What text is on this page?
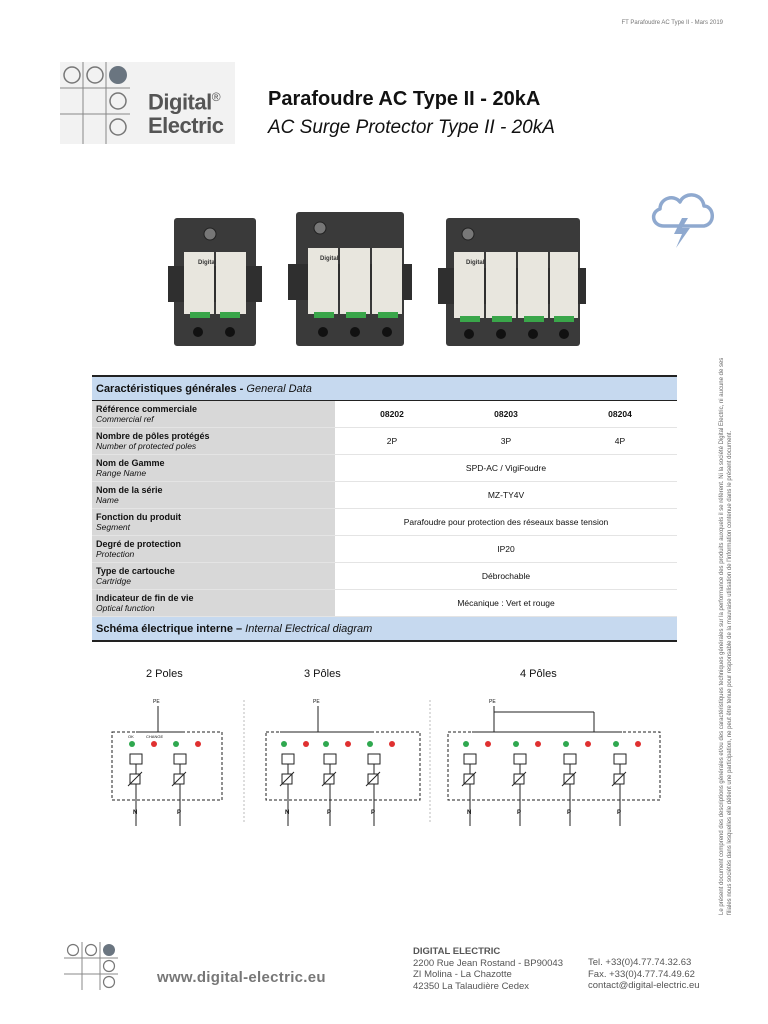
FT Parafoudre AC Type II - Mars 2019
Digital®
Electric
Parafoudre AC Type II - 20kA
AC Surge Protector Type II - 20kA
Digital
Digital
Digital
Le présent document comprend des descriptions générales et/ou des caractéristiques techniques générales sur la performance des produits auxquels il se réfèrent. Ni la société Digital Electric, ni aucune de ses filiales nous sociétés dans lesquelles elle détient une participation, ne peut être tenue pour responsable de la mauvaise utilisation de l'information contenue dans le présent document.
Caractéristiques générales - General Data			

Référence commerciale
Commercial ref	08202	08203	08204

Nombre de pôles protégés
Number of protected poles	2P	3P	4P

Nom de Gamme
Range Name	SPD-AC / VigiFoudre		

Nom de la série
Name	MZ-TY4V		

Fonction du produit
Segment	Parafoudre pour protection des réseaux basse tension		

Degré de protection
Protection	IP20		

Type de cartouche
Cartridge	Débrochable		

Indicateur de fin de vie
Optical function	Mécanique : Vert et rouge		
Schéma électrique interne – Internal Electrical diagram			
2 Poles	3 Pôles	4 Pôles
PE	PE	PE
N	P	N	P	P	N	P	P	P
OK	CHANGE
www.digital-electric.eu
DIGITAL ELECTRIC
2200 Rue Jean Rostand - BP90043
ZI Molina - La Chazotte
42350 La Talaudière Cedex
Tel. +33(0)4.77.74.32.63
Fax. +33(0)4.77.74.49.62
contact@digital-electric.eu
